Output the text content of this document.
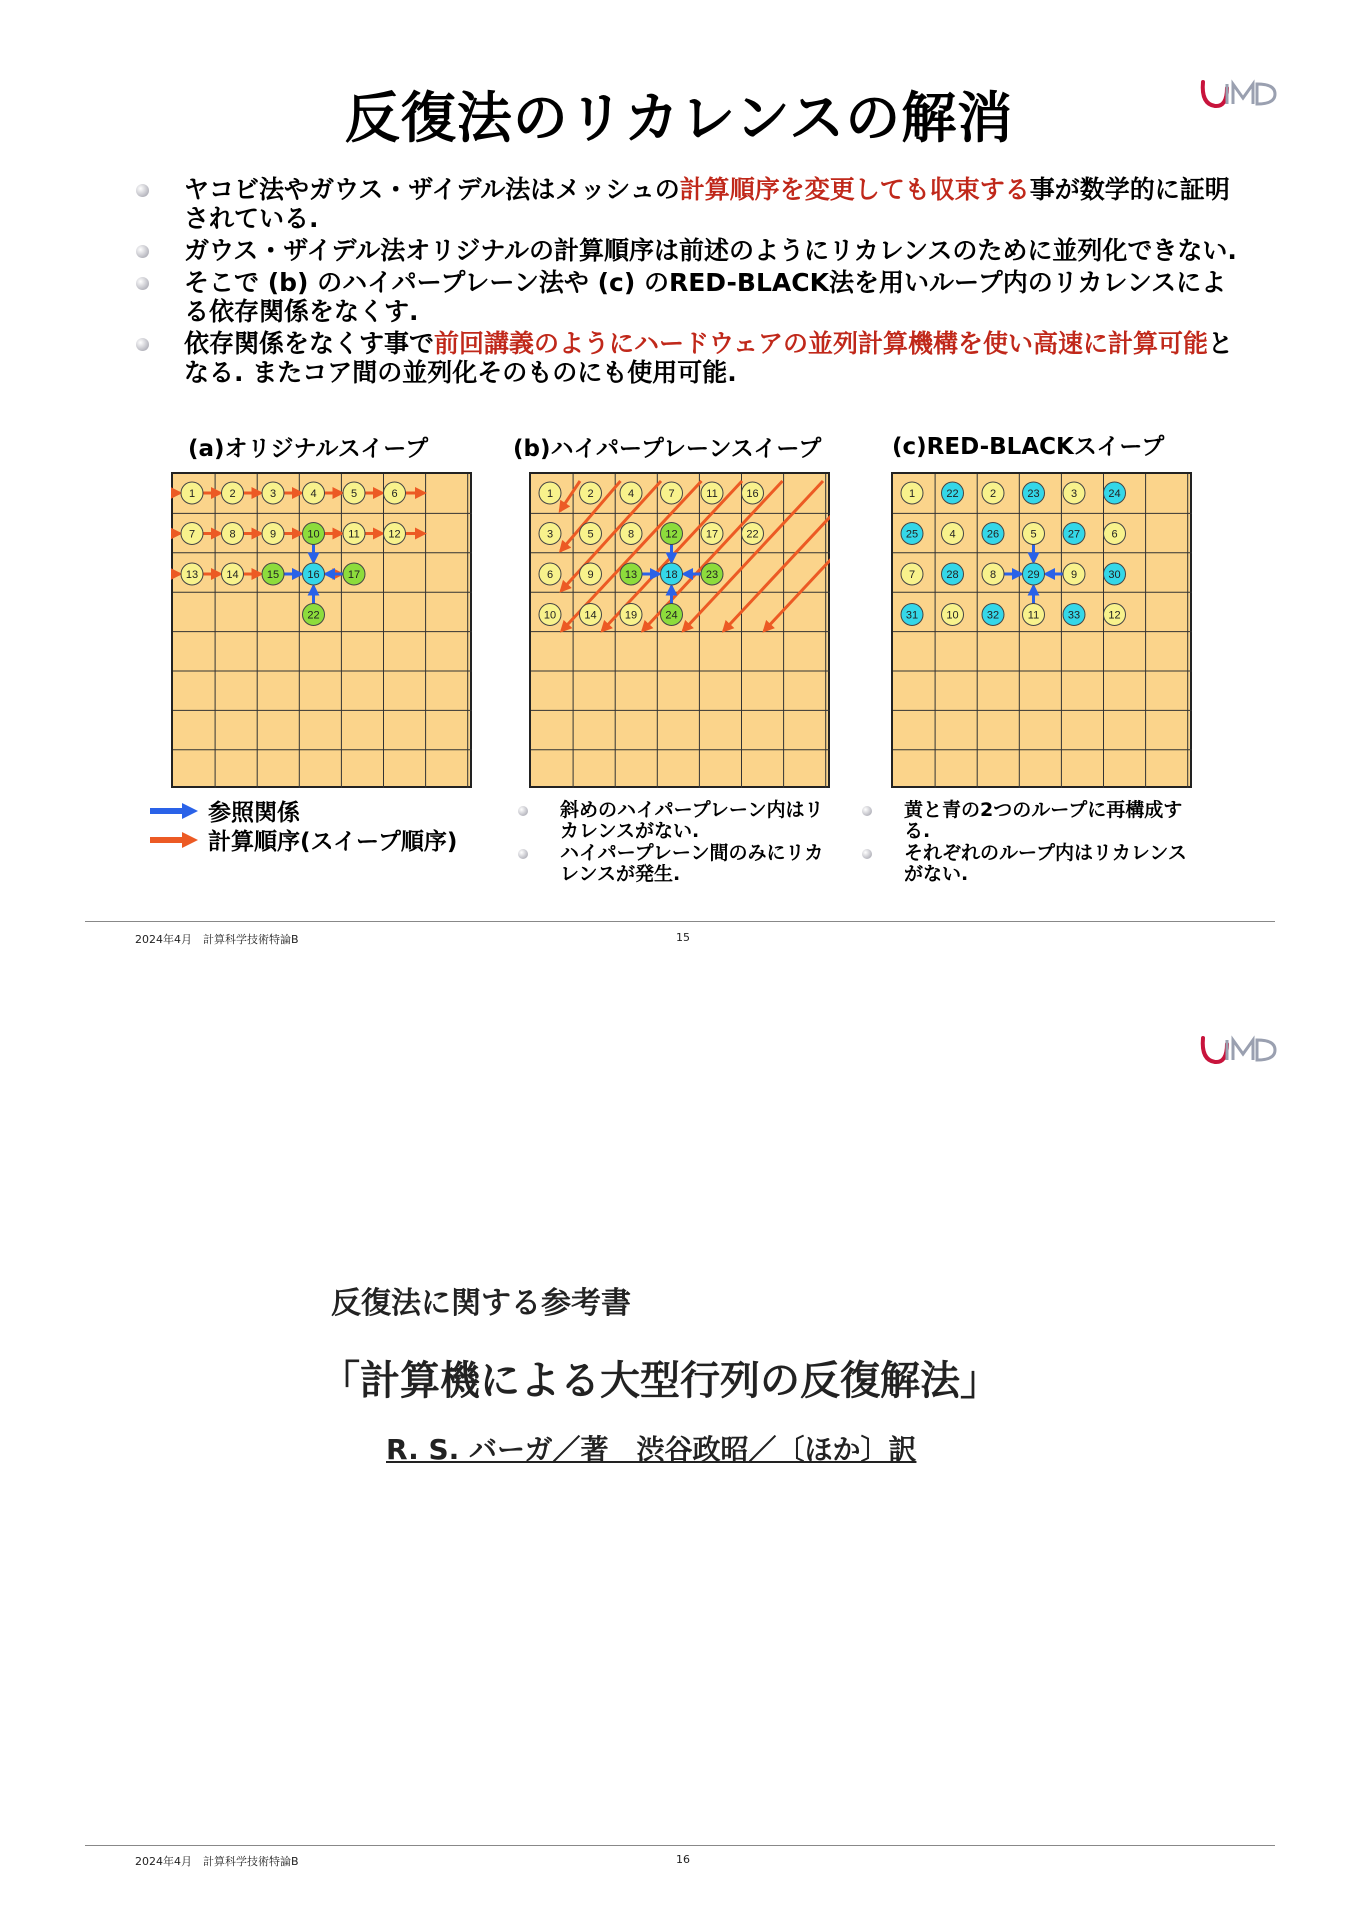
反復法のリカレンスの解消
ヤコビ法やガウス・ザイデル法はメッシュの計算順序を変更しても収束する事が数学的に証明されている.
ガウス・ザイデル法オリジナルの計算順序は前述のようにリカレンスのために並列化できない.
そこで (b) のハイパープレーン法や (c) のRED-BLACK法を用いループ内のリカレンスによる依存関係をなくす.
依存関係をなくす事で前回講義のようにハードウェアの並列計算機構を使い高速に計算可能となる. またコア間の並列化そのものにも使用可能.
(a)オリジナルスイープ	(b)ハイパープレーンスイープ	(c)RED-BLACKスイープ
1	2	3	4	5	6
7	8	9	10	11	12
13	14	15	16	17
22
1	2	4	7	11	16
3	5	8	12	17	22
6	9	13	18	23
10	14	19	24
1	22	2	23	3	24
25	4	26	5	27	6
7	28	8	29	9	30
31	10	32	11	33	12
参照関係
計算順序(スイープ順序)
斜めのハイパープレーン内はリカレンスがない.
ハイパープレーン間のみにリカレンスが発生.
黄と青の2つのループに再構成する.
それぞれのループ内はリカレンスがない.
2024年4月　計算科学技術特論B	15
反復法に関する参考書
「計算機による大型行列の反復解法」
R. S. バーガ／著　渋谷政昭／〔ほか〕訳
2024年4月　計算科学技術特論B	16
